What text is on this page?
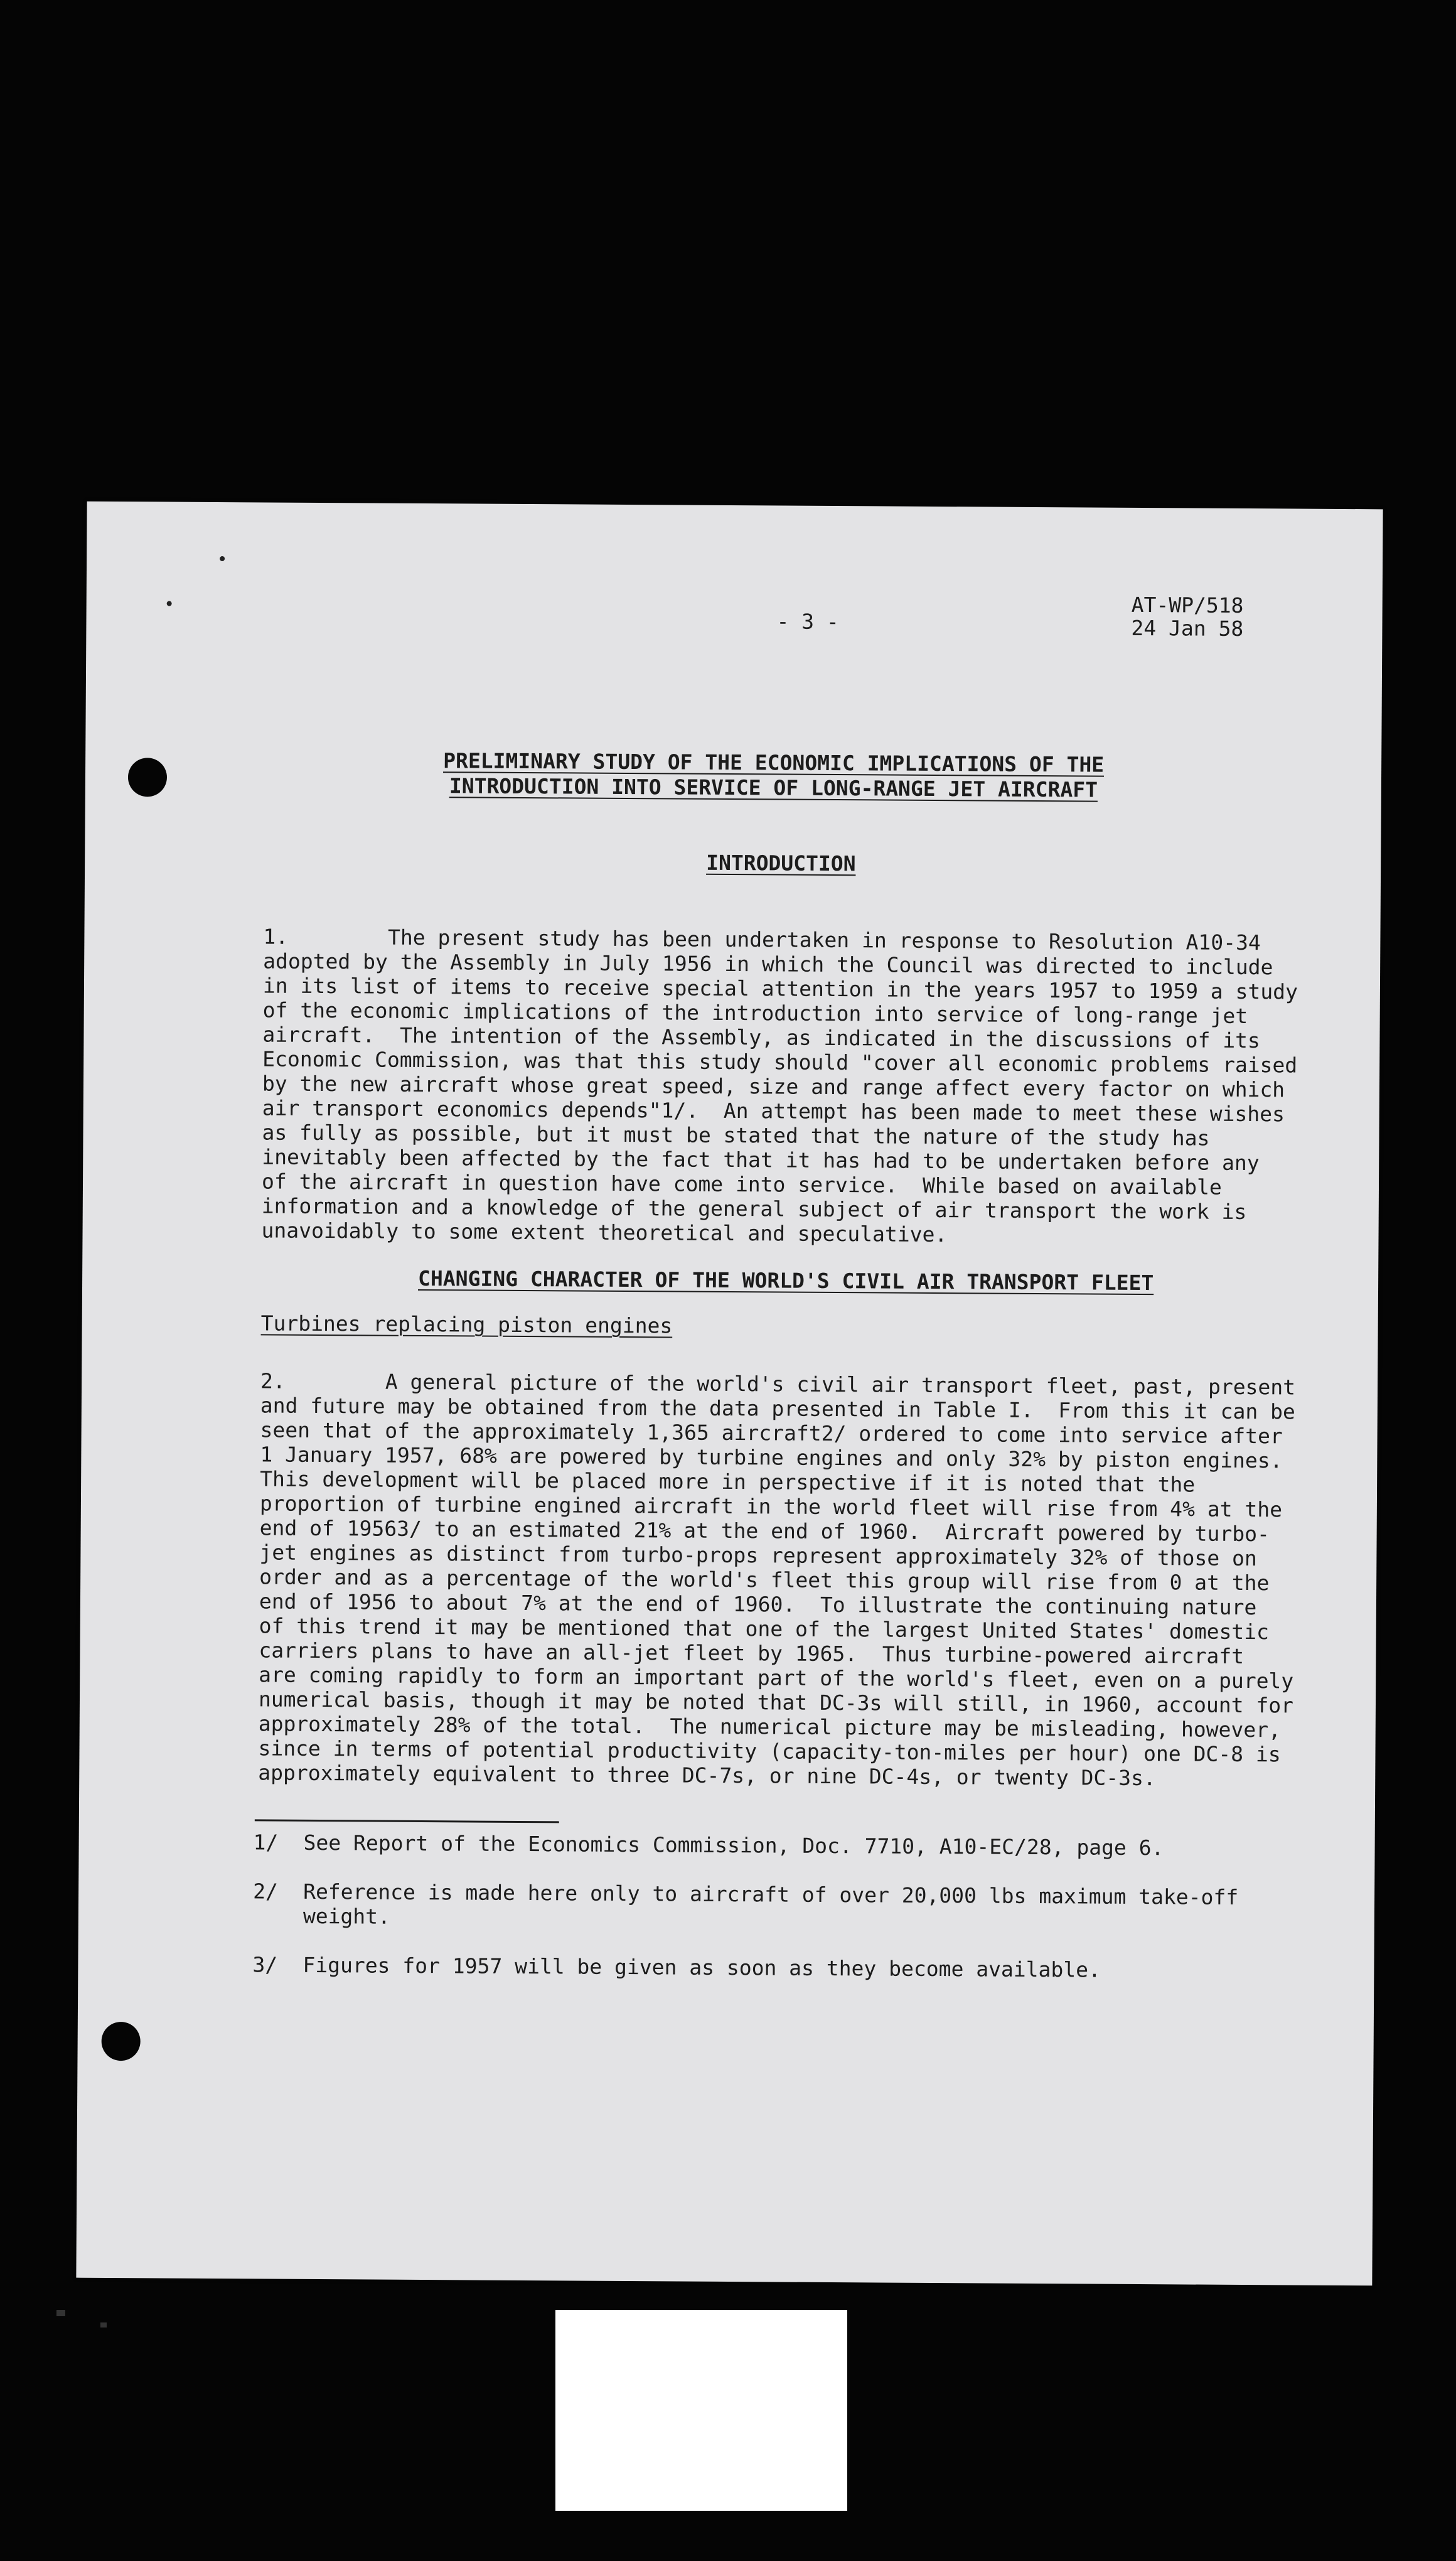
- 3 -

AT-WP/518

24 Jan 58

PRELIMINARY STUDY OF THE ECONOMIC IMPLICATIONS OF THE

INTRODUCTION INTO SERVICE OF LONG-RANGE JET AIRCRAFT

INTRODUCTION

1.        The present study has been undertaken in response to Resolution A10-34

adopted by the Assembly in July 1956 in which the Council was directed to include

in its list of items to receive special attention in the years 1957 to 1959 a study

of the economic implications of the introduction into service of long-range jet

aircraft.  The intention of the Assembly, as indicated in the discussions of its

Economic Commission, was that this study should "cover all economic problems raised

by the new aircraft whose great speed, size and range affect every factor on which

air transport economics depends"1/.  An attempt has been made to meet these wishes

as fully as possible, but it must be stated that the nature of the study has

inevitably been affected by the fact that it has had to be undertaken before any

of the aircraft in question have come into service.  While based on available

information and a knowledge of the general subject of air transport the work is

unavoidably to some extent theoretical and speculative.

CHANGING CHARACTER OF THE WORLD'S CIVIL AIR TRANSPORT FLEET

Turbines replacing piston engines

2.        A general picture of the world's civil air transport fleet, past, present

and future may be obtained from the data presented in Table I.  From this it can be

seen that of the approximately 1,365 aircraft2/ ordered to come into service after

1 January 1957, 68% are powered by turbine engines and only 32% by piston engines.

This development will be placed more in perspective if it is noted that the

proportion of turbine engined aircraft in the world fleet will rise from 4% at the

end of 19563/ to an estimated 21% at the end of 1960.  Aircraft powered by turbo-

jet engines as distinct from turbo-props represent approximately 32% of those on

order and as a percentage of the world's fleet this group will rise from 0 at the

end of 1956 to about 7% at the end of 1960.  To illustrate the continuing nature

of this trend it may be mentioned that one of the largest United States' domestic

carriers plans to have an all-jet fleet by 1965.  Thus turbine-powered aircraft

are coming rapidly to form an important part of the world's fleet, even on a purely

numerical basis, though it may be noted that DC-3s will still, in 1960, account for

approximately 28% of the total.  The numerical picture may be misleading, however,

since in terms of potential productivity (capacity-ton-miles per hour) one DC-8 is

approximately equivalent to three DC-7s, or nine DC-4s, or twenty DC-3s.

1/ See Report of the Economics Commission, Doc. 7710, A10-EC/28, page 6.

2/ Reference is made here only to aircraft of over 20,000 lbs maximum take-off

weight.

3/ Figures for 1957 will be given as soon as they become available.
